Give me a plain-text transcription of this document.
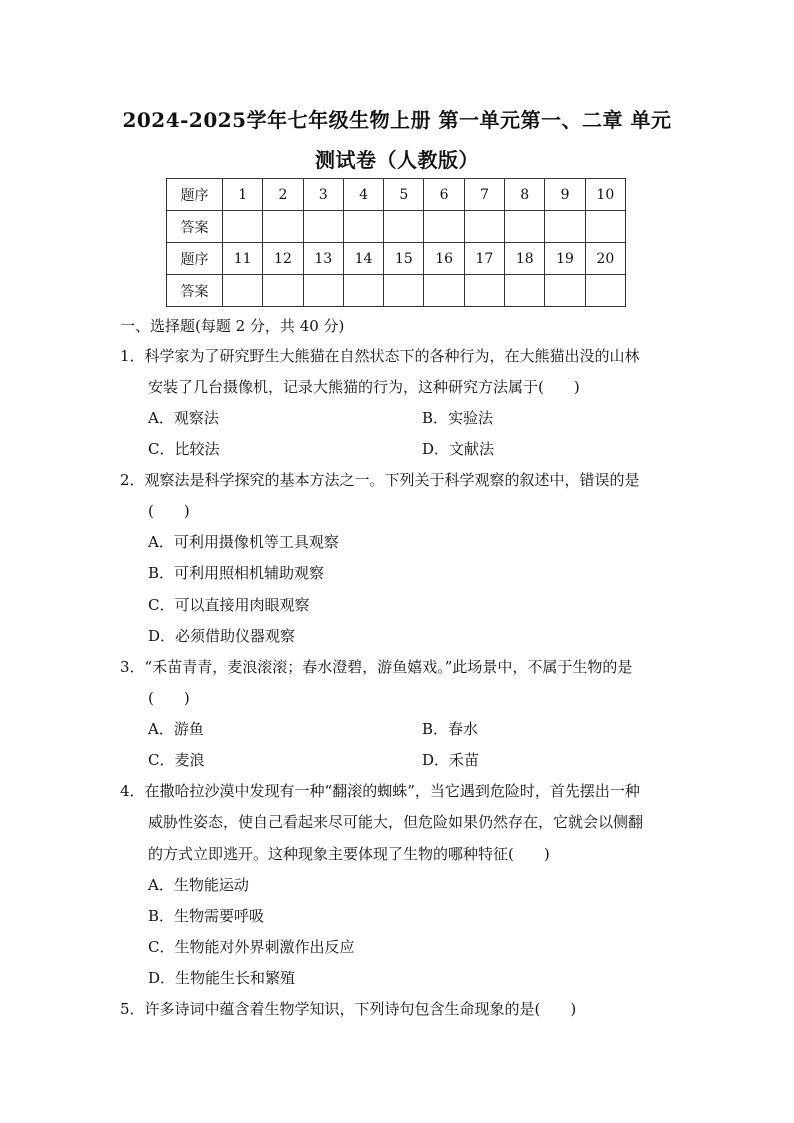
2024-2025学年七年级生物上册 第一单元第一、二章 单元
测试卷（人教版）
题序	1	2	3	4	5	6	7	8	9	10
答案										
题序	11	12	13	14	15	16	17	18	19	20
答案										
一、选择题(每题 2 分，共 40 分)
1．科学家为了研究野生大熊猫在自然状态下的各种行为，在大熊猫出没的山林
安装了几台摄像机，记录大熊猫的行为，这种研究方法属于(　　)
A．观察法	B．实验法
C．比较法	D．文献法
2．观察法是科学探究的基本方法之一。下列关于科学观察的叙述中，错误的是
(　　)
A．可利用摄像机等工具观察
B．可利用照相机辅助观察
C．可以直接用肉眼观察
D．必须借助仪器观察
3．“禾苗青青，麦浪滚滚；春水澄碧，游鱼嬉戏。”此场景中，不属于生物的是
(　　)
A．游鱼	B．春水
C．麦浪	D．禾苗
4．在撒哈拉沙漠中发现有一种“翻滚的蜘蛛”，当它遇到危险时，首先摆出一种
威胁性姿态，使自己看起来尽可能大，但危险如果仍然存在，它就会以侧翻
的方式立即逃开。这种现象主要体现了生物的哪种特征(　　)
A．生物能运动
B．生物需要呼吸
C．生物能对外界刺激作出反应
D．生物能生长和繁殖
5．许多诗词中蕴含着生物学知识，下列诗句包含生命现象的是(　　)
